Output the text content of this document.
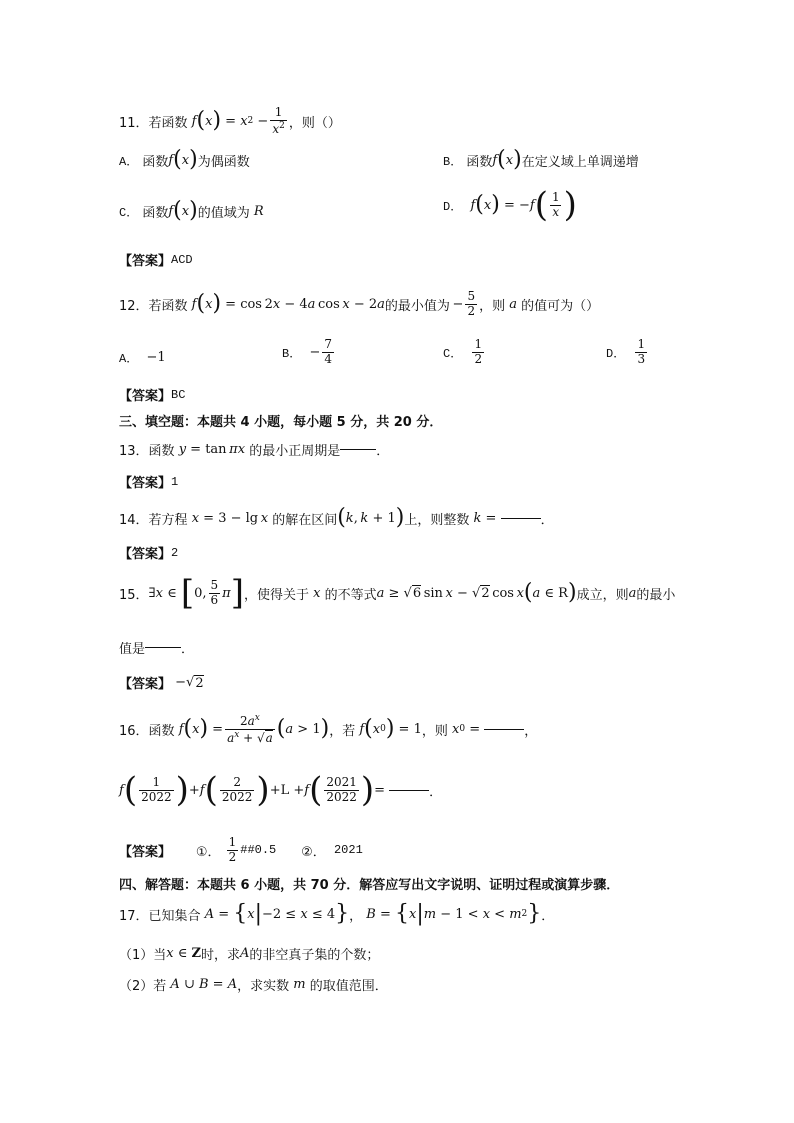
11．若函数 f ( x ) = x $2 - \frac{1}{x^2}$ ，则（）
A．
函数 f ( x ) 为偶函数	B．
函数 f ( x ) 在定义域上单调递增
C．
函数 f ( x ) 的值域为
R	D．
f ( x ) = − f ( $\frac{1}{x}$ )
【答案】 ACD
12．若函数 f ( x ) = cos 2 x − 4 a  cos  x − 2 a 的最小值为  − $\frac{5}{2}$ ，则
a
的值可为（）
A．
−1	B． − $\frac{7}{4}$	C．
$\frac{1}{2}$	D．
$\frac{1}{3}$
【答案】 BC
三、填空题：本题共 4 小题，每小题 5 分，共 20 分．
13．函数
y = tan  πx
的最小正周期是	．
【答案】 1
14．若方程
x = 3 − lg  x
的解在区间 ( k ,  k + 1 ) 上，则整数
k =	．
【答案】 2
15． ∃ x ∈ [ 0, $\frac{5}{6}$ π ] ，使得关于 x 的不等式 a ≥ √ 6  sin  x − √ 2  cos  x ( a ∈ R ) 成立，则 a 的最小
值是	．
【答案】 −√ 2
16．函数
f ( x ) = $\frac{2a^x}{a^x + √a}$ ( a > 1 ) ，若
f ( x 0 ) = 1 ，则
x 0 =	，
f ( $\frac{1}{2022}$ ) + f ( $\frac{2}{2022}$ ) +L + f ( $\frac{2021}{2022}$ ) =	．
【答案】
①．
$\frac{1}{2}$ ##0.5
②．
2021
四、解答题：本题共 6 小题，共 70 分．解答应写出文字说明、证明过程或演算步骤．
17．已知集合
A = { x | −2 ≤ x ≤ 4 } ， B = { x | m − 1 < x < m 2 } ．
（1）当 x ∈ Z 时，求 A 的非空真子集的个数；
（2）若
A ∪ B = A ，求实数
m
的取值范围．
